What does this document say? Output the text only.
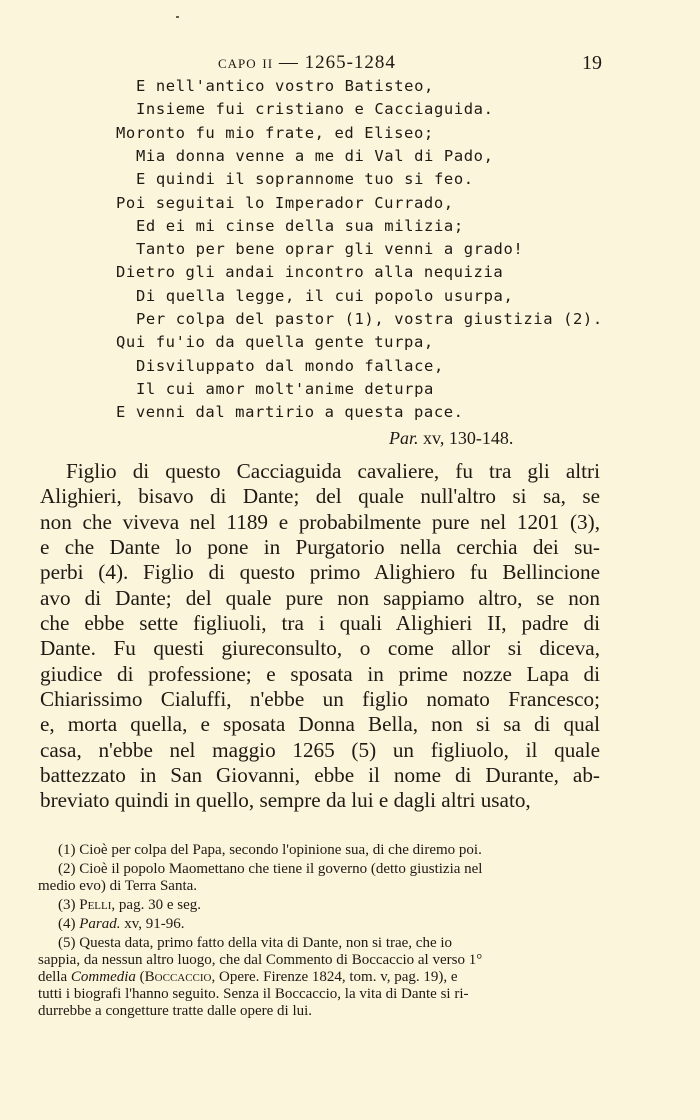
capo ii — 1265-1284	19
E nell'antico vostro Batisteo,
Insieme fui cristiano e Cacciaguida.
Moronto fu mio frate, ed Eliseo;
Mia donna venne a me di Val di Pado,
E quindi il soprannome tuo si feo.
Poi seguitai lo Imperador Currado,
Ed ei mi cinse della sua milizia;
Tanto per bene oprar gli venni a grado!
Dietro gli andai incontro alla nequizia
Di quella legge, il cui popolo usurpa,
Per colpa del pastor (1), vostra giustizia (2).
Qui fu'io da quella gente turpa,
Disviluppato dal mondo fallace,
Il cui amor molt'anime deturpa
E venni dal martirio a questa pace.
Par. xv, 130-148.
Figlio di questo Cacciaguida cavaliere, fu tra gli altri
Alighieri, bisavo di Dante; del quale null'altro si sa, se
non che viveva nel 1189 e probabilmente pure nel 1201 (3),
e che Dante lo pone in Purgatorio nella cerchia dei su-
perbi (4). Figlio di questo primo Alighiero fu Bellincione
avo di Dante; del quale pure non sappiamo altro, se non
che ebbe sette figliuoli, tra i quali Alighieri II, padre di
Dante. Fu questi giureconsulto, o come allor si diceva,
giudice di professione; e sposata in prime nozze Lapa di
Chiarissimo Cialuffi, n'ebbe un figlio nomato Francesco;
e, morta quella, e sposata Donna Bella, non si sa di qual
casa, n'ebbe nel maggio 1265 (5) un figliuolo, il quale
battezzato in San Giovanni, ebbe il nome di Durante, ab-
breviato quindi in quello, sempre da lui e dagli altri usato,
(1) Cioè per colpa del Papa, secondo l'opinione sua, di che diremo poi.
(2) Cioè il popolo Maomettano che tiene il governo (detto giustizia nel
medio evo) di Terra Santa.
(3) Pelli, pag. 30 e seg.
(4) Parad. xv, 91-96.
(5) Questa data, primo fatto della vita di Dante, non si trae, che io
sappia, da nessun altro luogo, che dal Commento di Boccaccio al verso 1°
della Commedia (Boccaccio, Opere. Firenze 1824, tom. v, pag. 19), e
tutti i biografi l'hanno seguito. Senza il Boccaccio, la vita di Dante si ri-
durrebbe a congetture tratte dalle opere di lui.
